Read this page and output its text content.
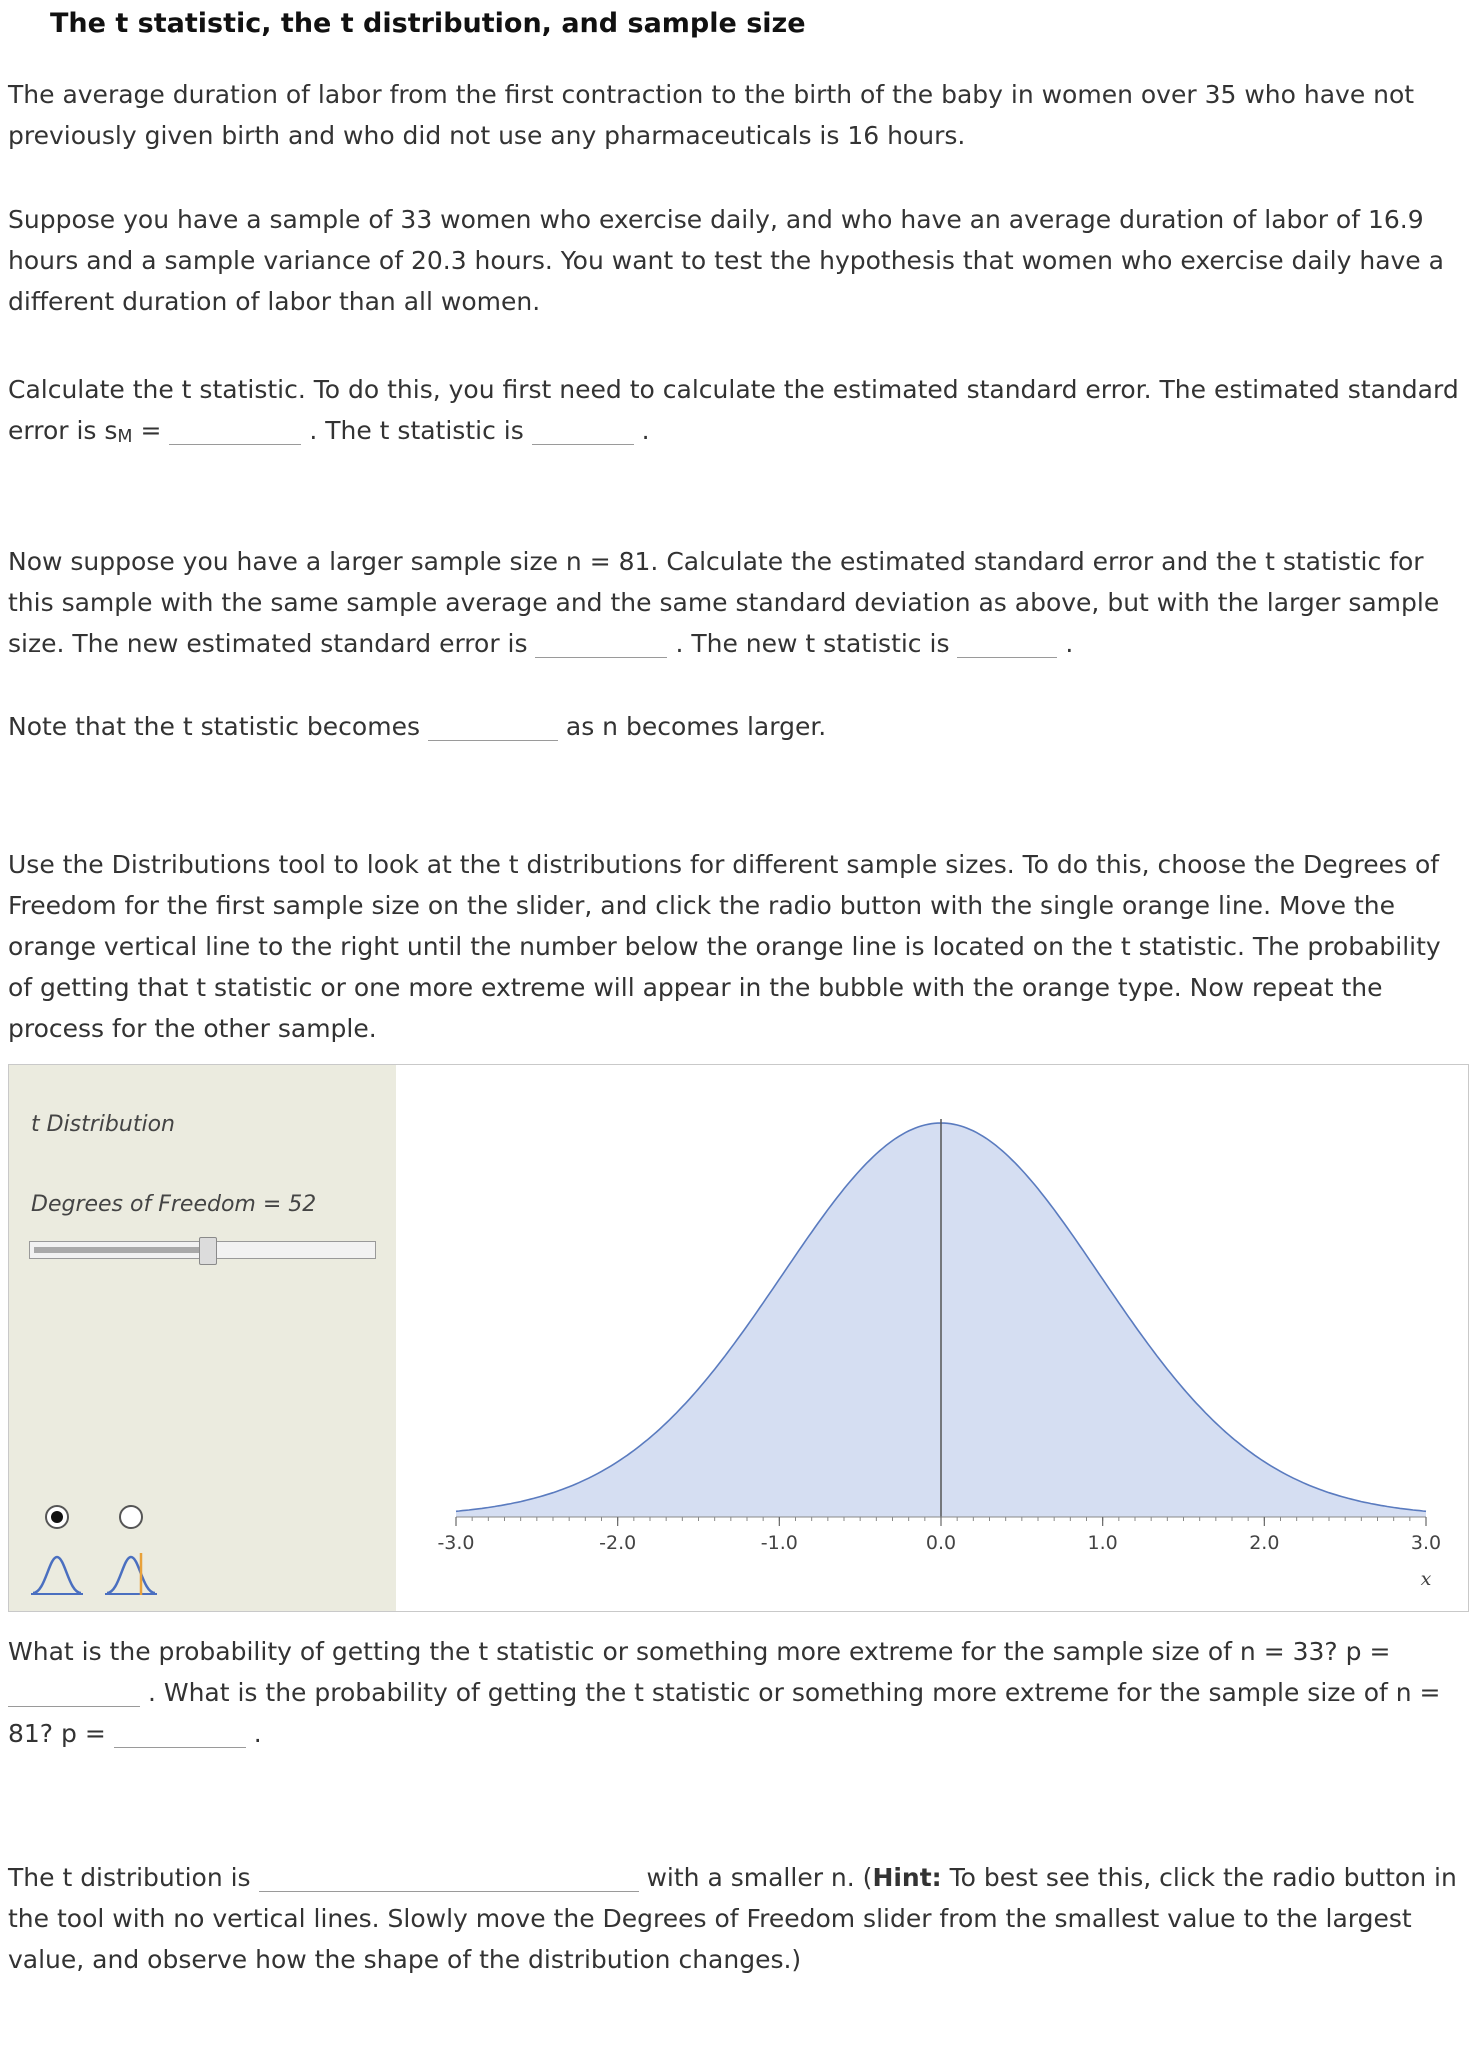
The t statistic, the t distribution, and sample size

The average duration of labor from the first contraction to the birth of the baby in women over 35 who have not previously given birth and who did not use any pharmaceuticals is 16 hours.

Suppose you have a sample of 33 women who exercise daily, and who have an average duration of labor of 16.9 hours and a sample variance of 20.3 hours. You want to test the hypothesis that women who exercise daily have a different duration of labor than all women.

Calculate the t statistic. To do this, you first need to calculate the estimated standard error. The estimated standard error is sM =	. The t statistic is	.

Now suppose you have a larger sample size n = 81. Calculate the estimated standard error and the t statistic for this sample with the same sample average and the same standard deviation as above, but with the larger sample size. The new estimated standard error is	. The new t statistic is	.

Note that the t statistic becomes	as n becomes larger.

Use the Distributions tool to look at the t distributions for different sample sizes. To do this, choose the Degrees of Freedom for the first sample size on the slider, and click the radio button with the single orange line. Move the orange vertical line to the right until the number below the orange line is located on the t statistic. The probability of getting that t statistic or one more extreme will appear in the bubble with the orange type. Now repeat the process for the other sample.

t Distribution
Degrees of Freedom = 52
-3.0	-2.0	-1.0	0.0	1.0	2.0	3.0
x

What is the probability of getting the t statistic or something more extreme for the sample size of n = 33? p =  . What is the probability of getting the t statistic or something more extreme for the sample size of n = 81? p =	.

The t distribution is	with a smaller n. (Hint: To best see this, click the radio button in the tool with no vertical lines. Slowly move the Degrees of Freedom slider from the smallest value to the largest value, and observe how the shape of the distribution changes.)
